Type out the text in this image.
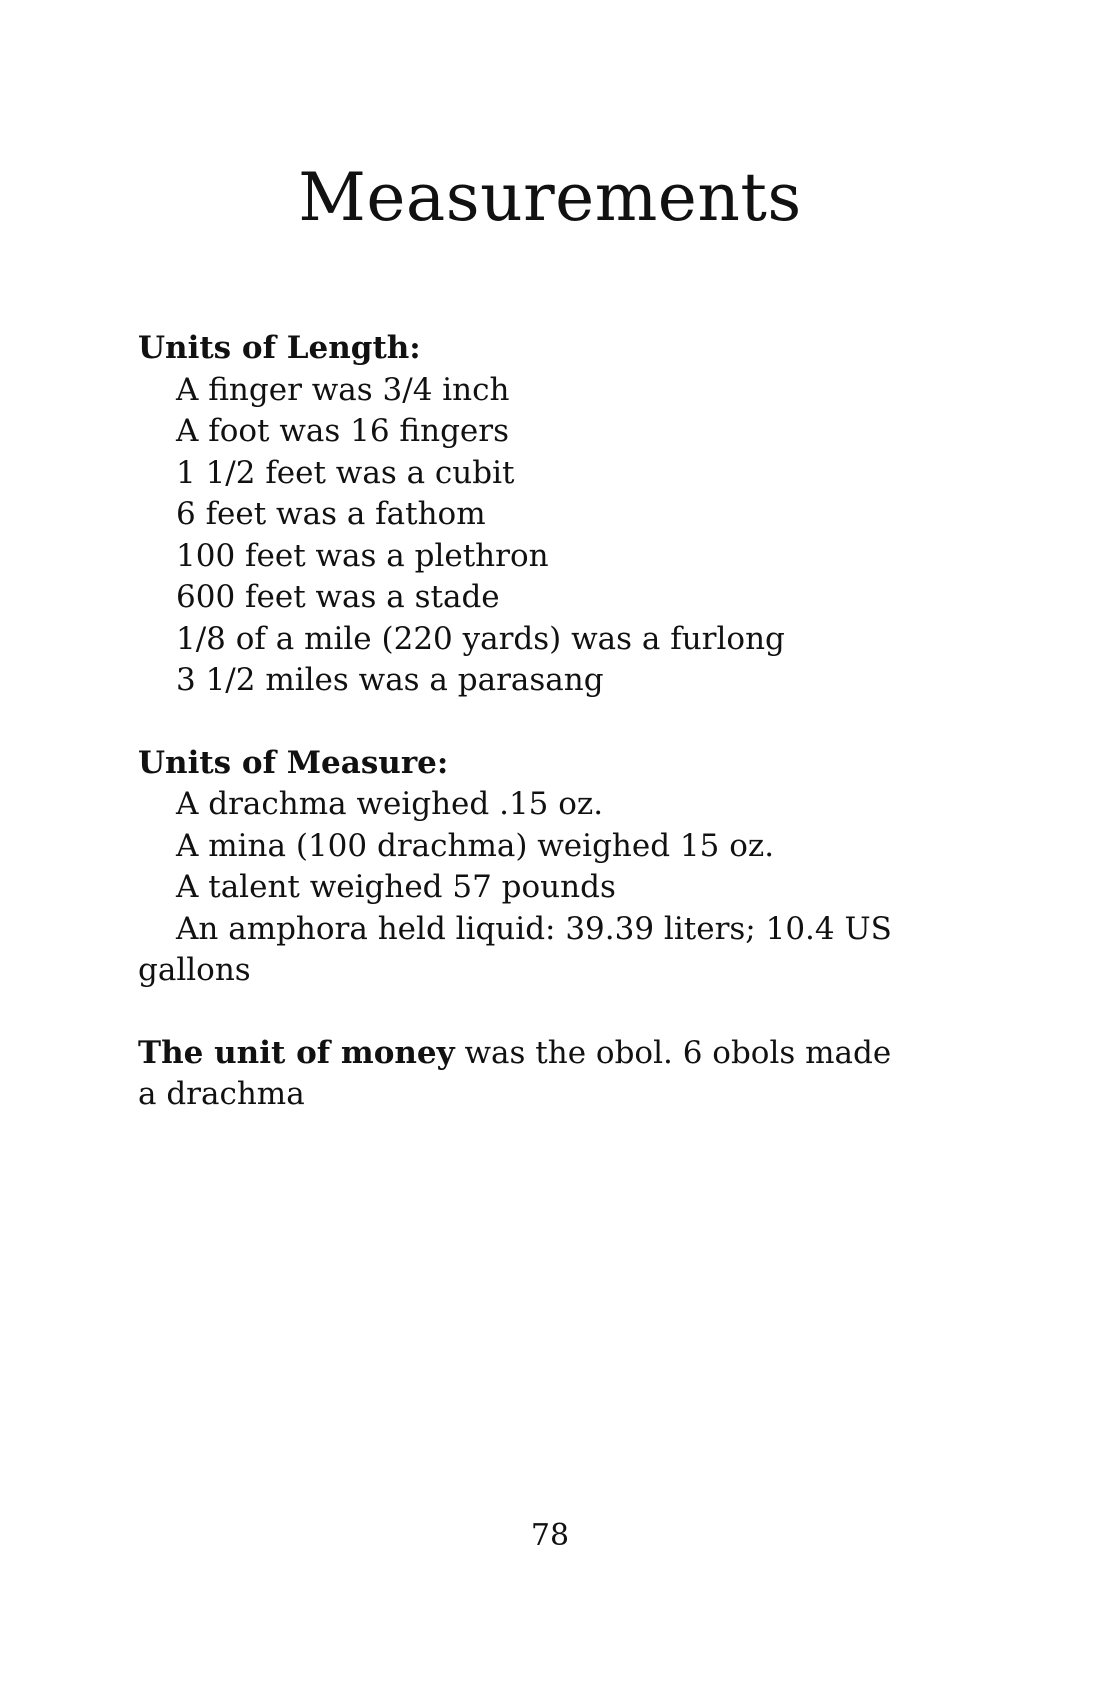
Measurements
Units of Length:
A finger was 3/4 inch
A foot was 16 fingers
1 1/2 feet was a cubit
6 feet was a fathom
100 feet was a plethron
600 feet was a stade
1/8 of a mile (220 yards) was a furlong
3 1/2 miles was a parasang
Units of Measure:
A drachma weighed .15 oz.
A mina (100 drachma) weighed 15 oz.
A talent weighed 57 pounds
An amphora held liquid: 39.39 liters; 10.4 US gallons

The unit of money was the obol. 6 obols made a drachma

78
